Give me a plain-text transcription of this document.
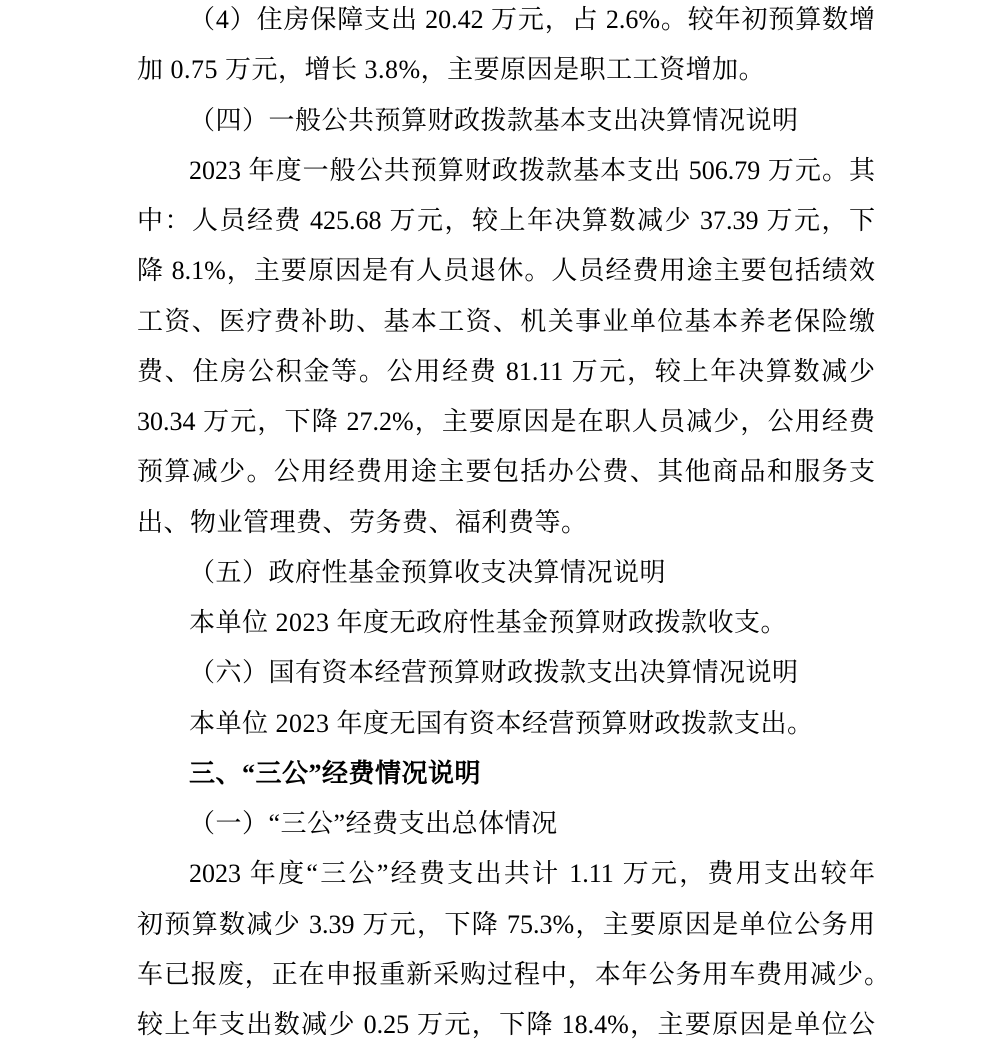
（4）住房保障支出 20.42 万元，占 2.6%。较年初预算数增
加 0.75 万元，增长 3.8%，主要原因是职工工资增加。
（四）一般公共预算财政拨款基本支出决算情况说明
2023 年度一般公共预算财政拨款基本支出 506.79 万元。其
中：人员经费 425.68 万元，较上年决算数减少 37.39 万元，下
降 8.1%，主要原因是有人员退休。人员经费用途主要包括绩效
工资、医疗费补助、基本工资、机关事业单位基本养老保险缴
费、住房公积金等。公用经费 81.11 万元，较上年决算数减少
30.34 万元，下降 27.2%，主要原因是在职人员减少，公用经费
预算减少。公用经费用途主要包括办公费、其他商品和服务支
出、物业管理费、劳务费、福利费等。
（五）政府性基金预算收支决算情况说明
本单位 2023 年度无政府性基金预算财政拨款收支。
（六）国有资本经营预算财政拨款支出决算情况说明
本单位 2023 年度无国有资本经营预算财政拨款支出。
三、“三公”经费情况说明
（一）“三公”经费支出总体情况
2023 年度“三公”经费支出共计 1.11 万元，费用支出较年
初预算数减少 3.39 万元，下降 75.3%，主要原因是单位公务用
车已报废，正在申报重新采购过程中，本年公务用车费用减少。
较上年支出数减少 0.25 万元，下降 18.4%，主要原因是单位公
